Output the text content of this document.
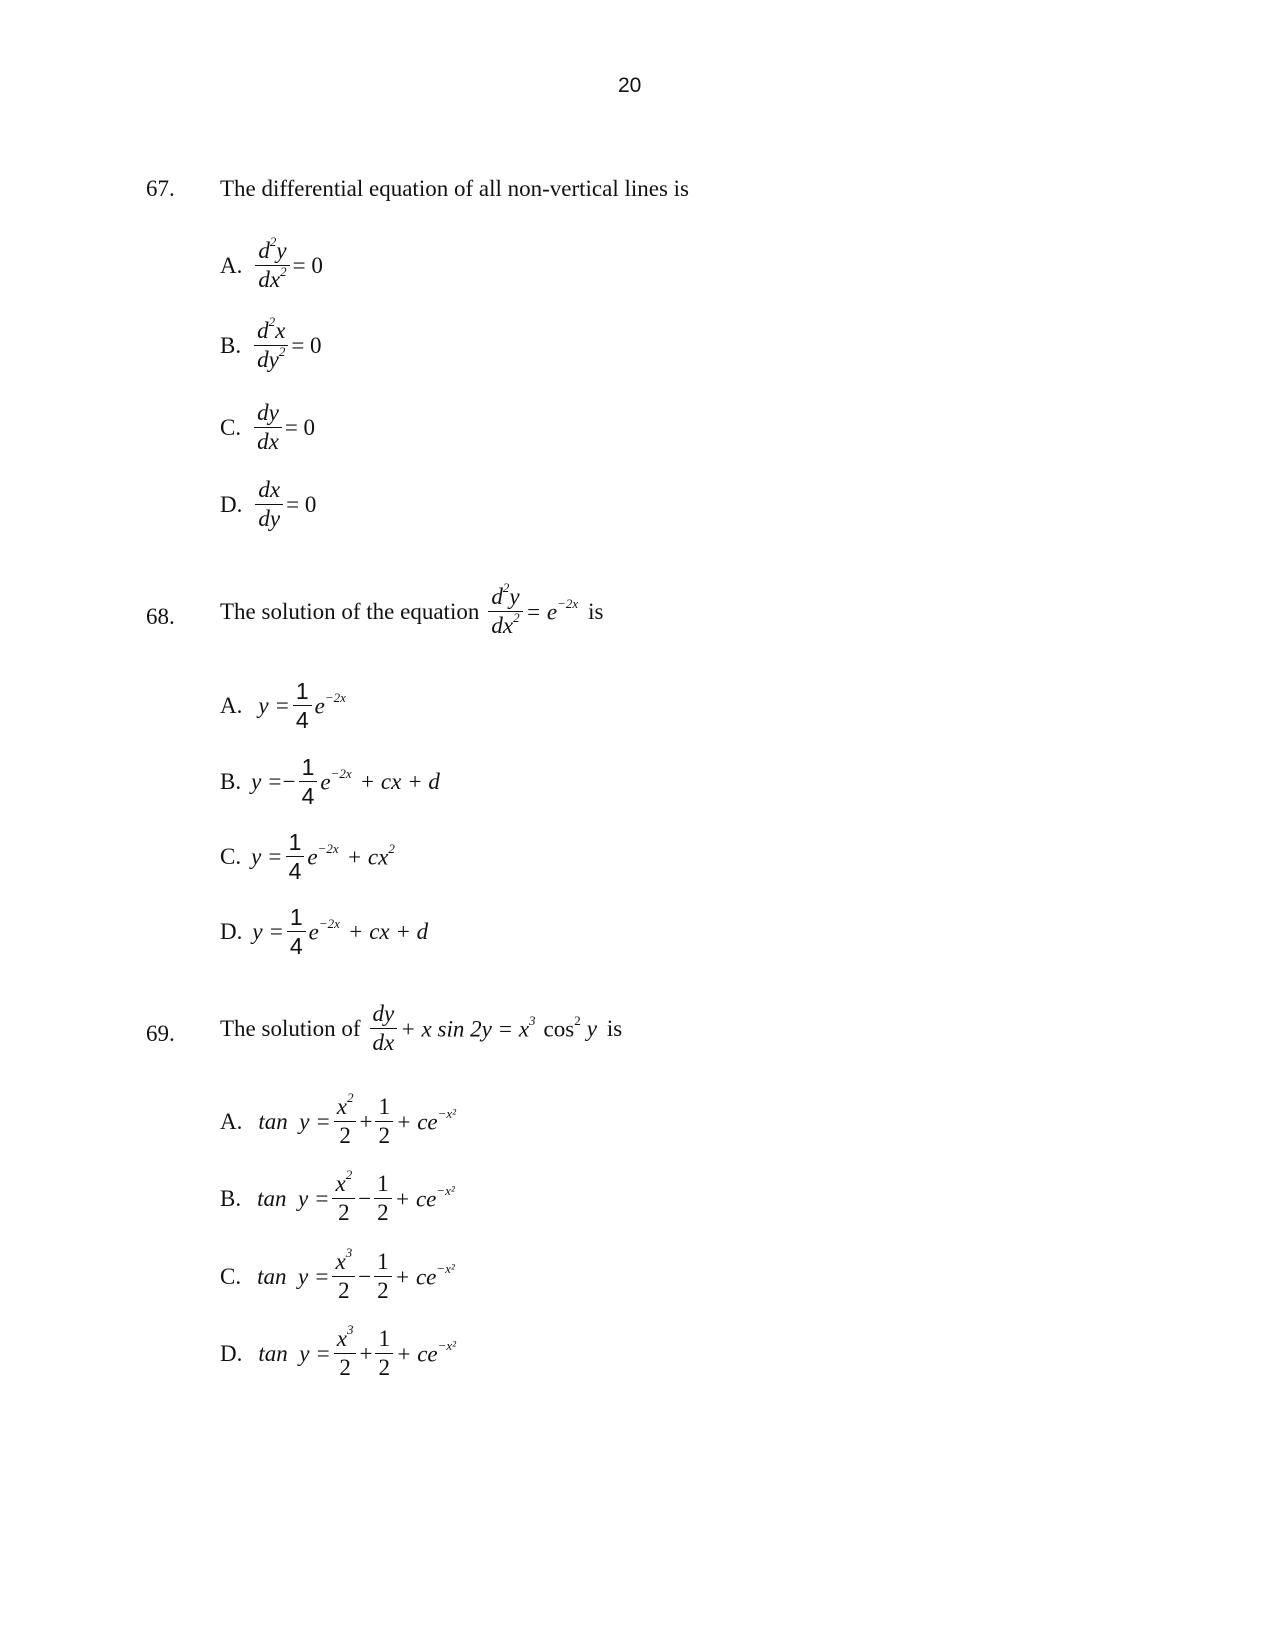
20
67. The differential equation of all non-vertical lines is
A. $\frac{d^2y}{dx^2} = 0$
B. $\frac{d^2x}{dy^2} = 0$
C. $\frac{dy}{dx} = 0$
D. $\frac{dx}{dy} = 0$
68. The solution of the equation $\frac{d^2y}{dx^2} = e^{-2x}$ is
A. $y = \frac{1}{4} e^{-2x}$
B. y = − $\frac{1}{4} e^{-2x}$ + cx + d
C. $y = \frac{1}{4} e^{-2x} + cx^2$
D. $y = \frac{1}{4} e^{-2x}$ + cx + d
69. The solution of $\frac{dy}{dx} + x$ $\sin 2y = x^3$ $\cos^2 y$ is
A. $\tan y = \frac{x^2}{2} + \frac{1}{2} + ce^{-x^2}$
B. $\tan y = \frac{x^2}{2} - \frac{1}{2} + ce^{-x^2}$
C. $\tan y = \frac{x^3}{2} - \frac{1}{2} + ce^{-x^2}$
D. $\tan y = \frac{x^3}{2} + \frac{1}{2} + ce^{-x^2}$
